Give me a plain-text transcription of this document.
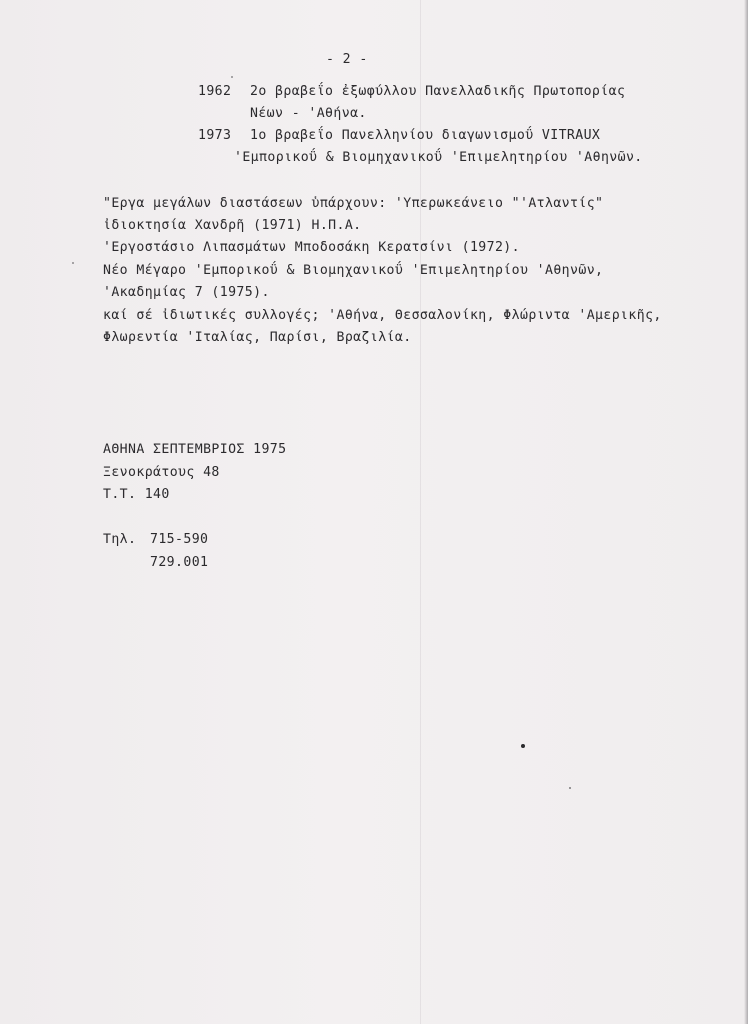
- 2 -
1962 2ο βραβεΐο ἐξωφύλλου Πανελλαδικῆς Πρωτοπορίας
Νέων - 'Αθήνα.
1973 1ο βραβεΐο Πανελληνίου διαγωνισμοΰ VITRAUX
'Εμπορικοΰ & Βιομηχανικοΰ 'Επιμελητηρίου 'Αθηνῶν.
"Εργα μεγάλων διαστάσεων ὑπάρχουν: 'Υπερωκεάνειο "'Ατλαντίς"
ἰδιοκτησία Χανδρῆ (1971) Η.Π.Α.
'Εργοστάσιο Λιπασμάτων Μποδοσάκη Κερατσίνι (1972).
Νέο Μέγαρο 'Εμπορικοΰ & Βιομηχανικοΰ 'Επιμελητηρίου 'Αθηνῶν,
'Ακαδημίας 7 (1975).
καί σέ ἰδιωτικές συλλογές; 'Αθήνα, Θεσσαλονίκη, Φλώριντα 'Αμερικῆς,
Φλωρεντία 'Ιταλίας, Παρίσι, Βραζιλία.
ΑΘΗΝΑ ΣΕΠΤΕΜΒΡΙΟΣ 1975
Ξενοκράτους 48
Τ.Τ. 140
Τηλ. 715-590
729.001
